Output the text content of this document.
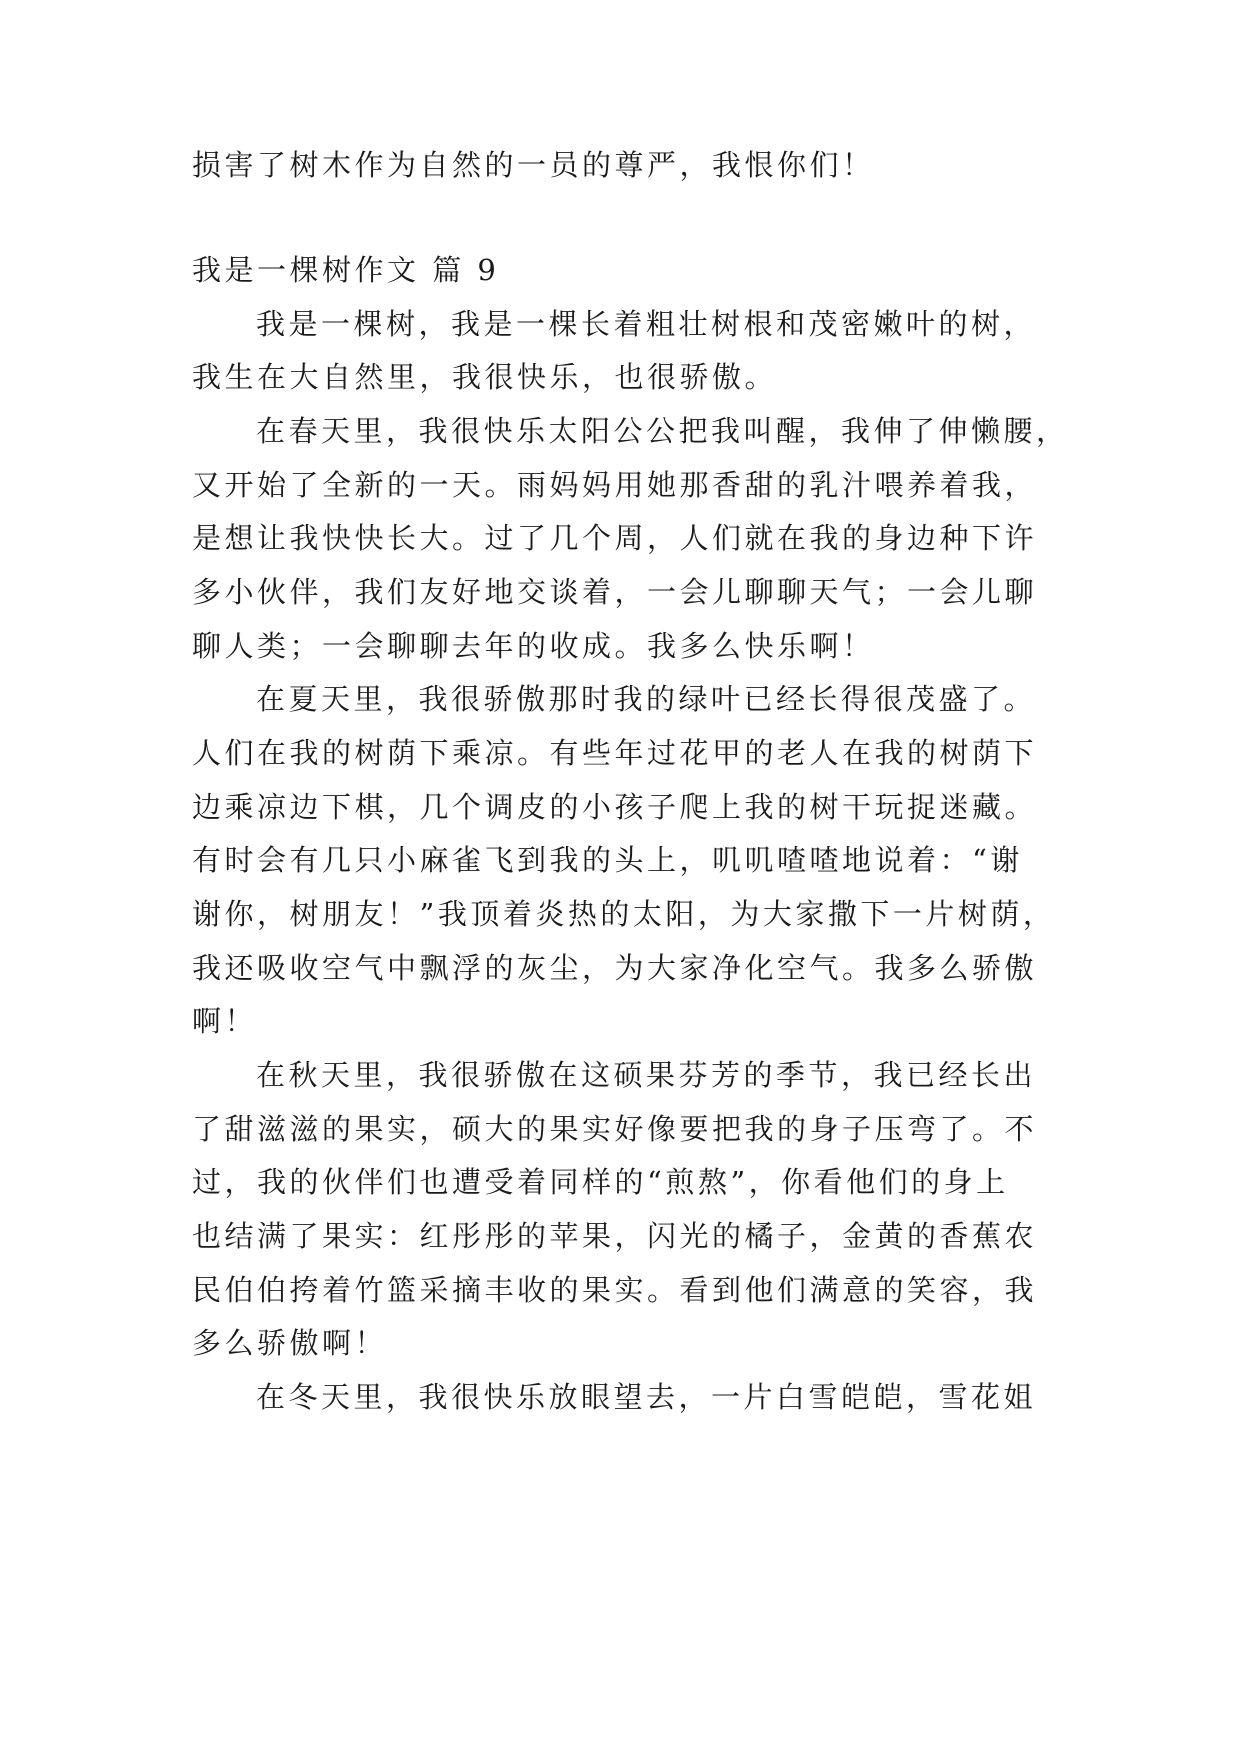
损害了树木作为自然的一员的尊严，我恨你们！
我是一棵树作文 篇 9
我是一棵树，我是一棵长着粗壮树根和茂密嫩叶的树，
我生在大自然里，我很快乐，也很骄傲。
在春天里，我很快乐太阳公公把我叫醒，我伸了伸懒腰，
又开始了全新的一天。雨妈妈用她那香甜的乳汁喂养着我，
是想让我快快长大。过了几个周，人们就在我的身边种下许
多小伙伴，我们友好地交谈着，一会儿聊聊天气；一会儿聊
聊人类；一会聊聊去年的收成。我多么快乐啊！
在夏天里，我很骄傲那时我的绿叶已经长得很茂盛了。
人们在我的树荫下乘凉。有些年过花甲的老人在我的树荫下
边乘凉边下棋，几个调皮的小孩子爬上我的树干玩捉迷藏。
有时会有几只小麻雀飞到我的头上，叽叽喳喳地说着：“谢
谢你，树朋友！”我顶着炎热的太阳，为大家撒下一片树荫，
我还吸收空气中飘浮的灰尘，为大家净化空气。我多么骄傲
啊！
在秋天里，我很骄傲在这硕果芬芳的季节，我已经长出
了甜滋滋的果实，硕大的果实好像要把我的身子压弯了。不
过，我的伙伴们也遭受着同样的“煎熬”，你看他们的身上
也结满了果实：红彤彤的苹果，闪光的橘子，金黄的香蕉农
民伯伯挎着竹篮采摘丰收的果实。看到他们满意的笑容，我
多么骄傲啊！
在冬天里，我很快乐放眼望去，一片白雪皑皑，雪花姐
